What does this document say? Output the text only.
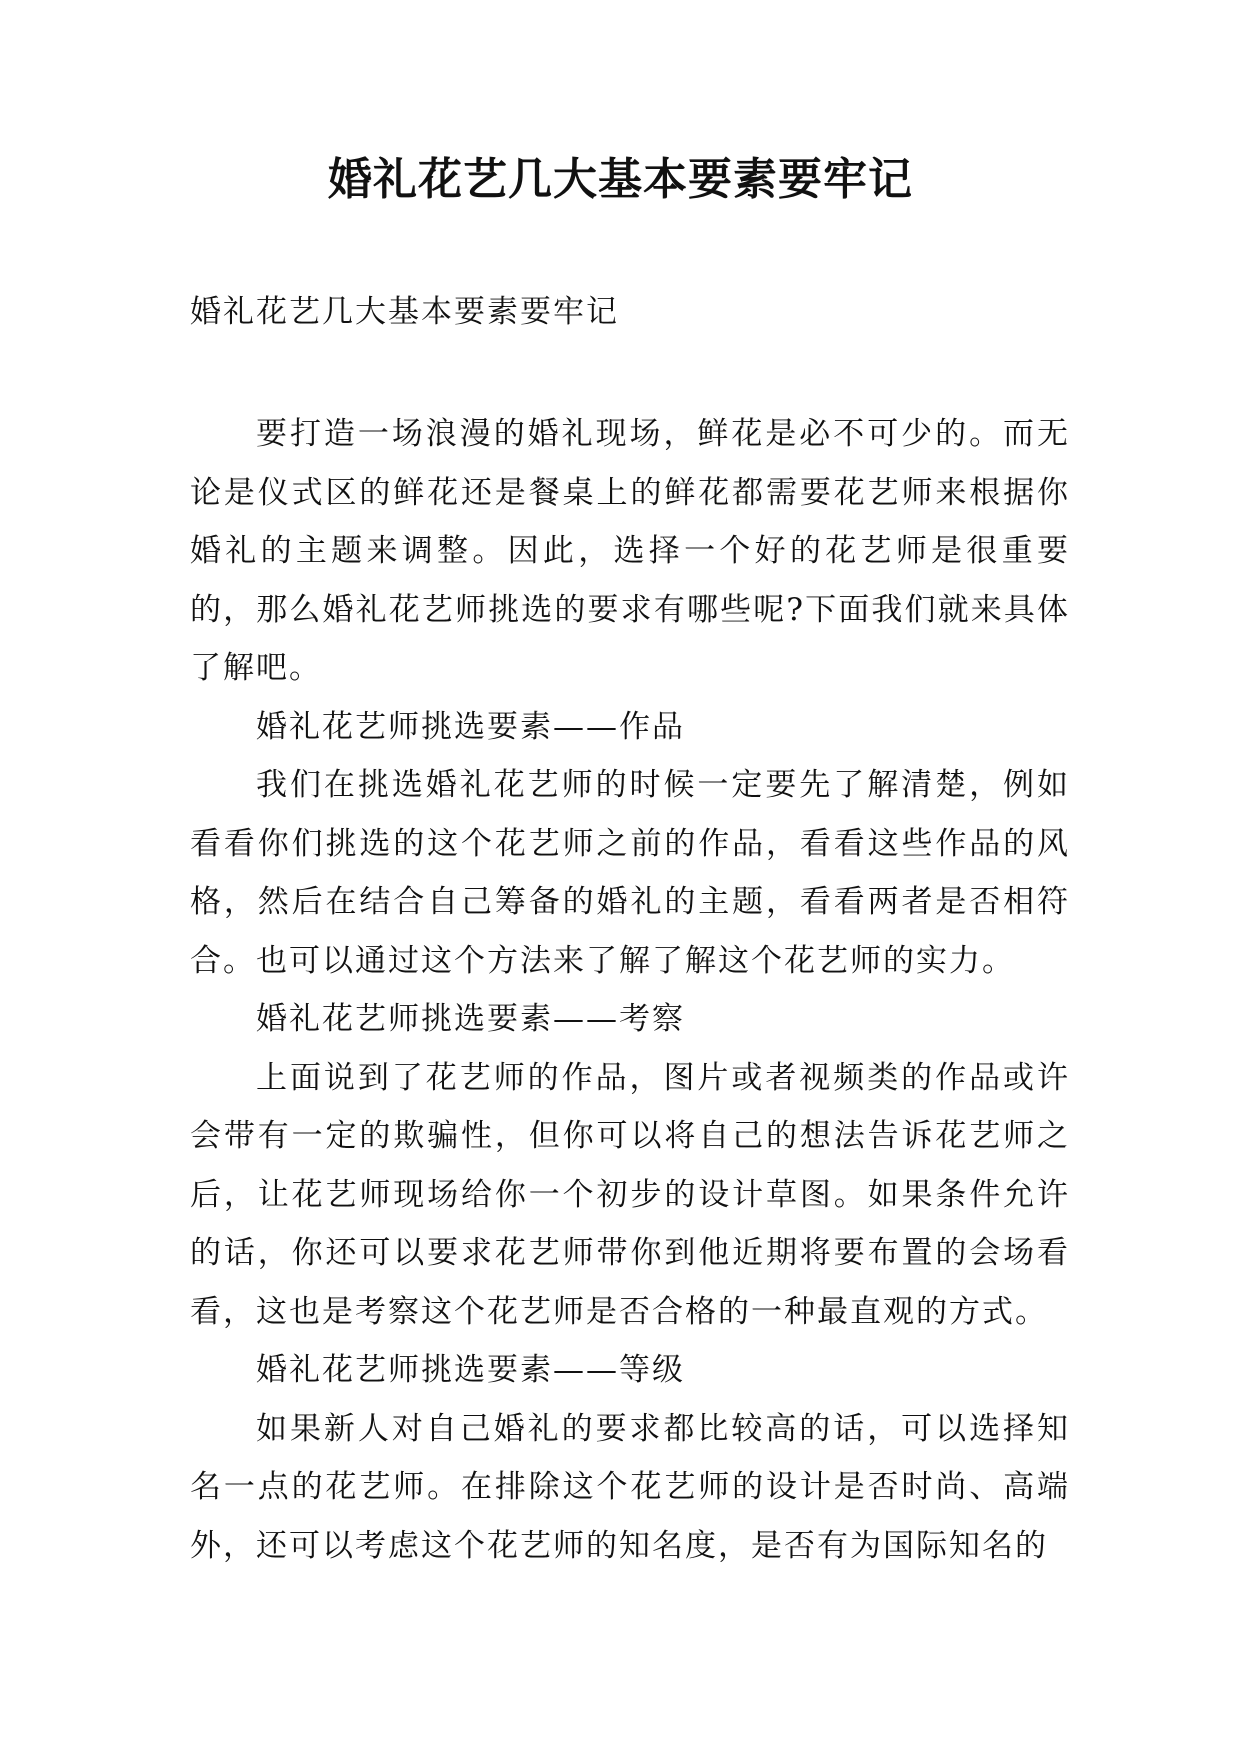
婚礼花艺几大基本要素要牢记

婚礼花艺几大基本要素要牢记

要打造一场浪漫的婚礼现场，鲜花是必不可少的。而无论是仪式区的鲜花还是餐桌上的鲜花都需要花艺师来根据你婚礼的主题来调整。因此，选择一个好的花艺师是很重要的，那么婚礼花艺师挑选的要求有哪些呢?下面我们就来具体了解吧。

婚礼花艺师挑选要素——作品

我们在挑选婚礼花艺师的时候一定要先了解清楚，例如看看你们挑选的这个花艺师之前的作品，看看这些作品的风格，然后在结合自己筹备的婚礼的主题，看看两者是否相符合。也可以通过这个方法来了解了解这个花艺师的实力。

婚礼花艺师挑选要素——考察

上面说到了花艺师的作品，图片或者视频类的作品或许会带有一定的欺骗性，但你可以将自己的想法告诉花艺师之后，让花艺师现场给你一个初步的设计草图。如果条件允许的话，你还可以要求花艺师带你到他近期将要布置的会场看看，这也是考察这个花艺师是否合格的一种最直观的方式。

婚礼花艺师挑选要素——等级

如果新人对自己婚礼的要求都比较高的话，可以选择知名一点的花艺师。在排除这个花艺师的设计是否时尚、高端外，还可以考虑这个花艺师的知名度，是否有为国际知名的
